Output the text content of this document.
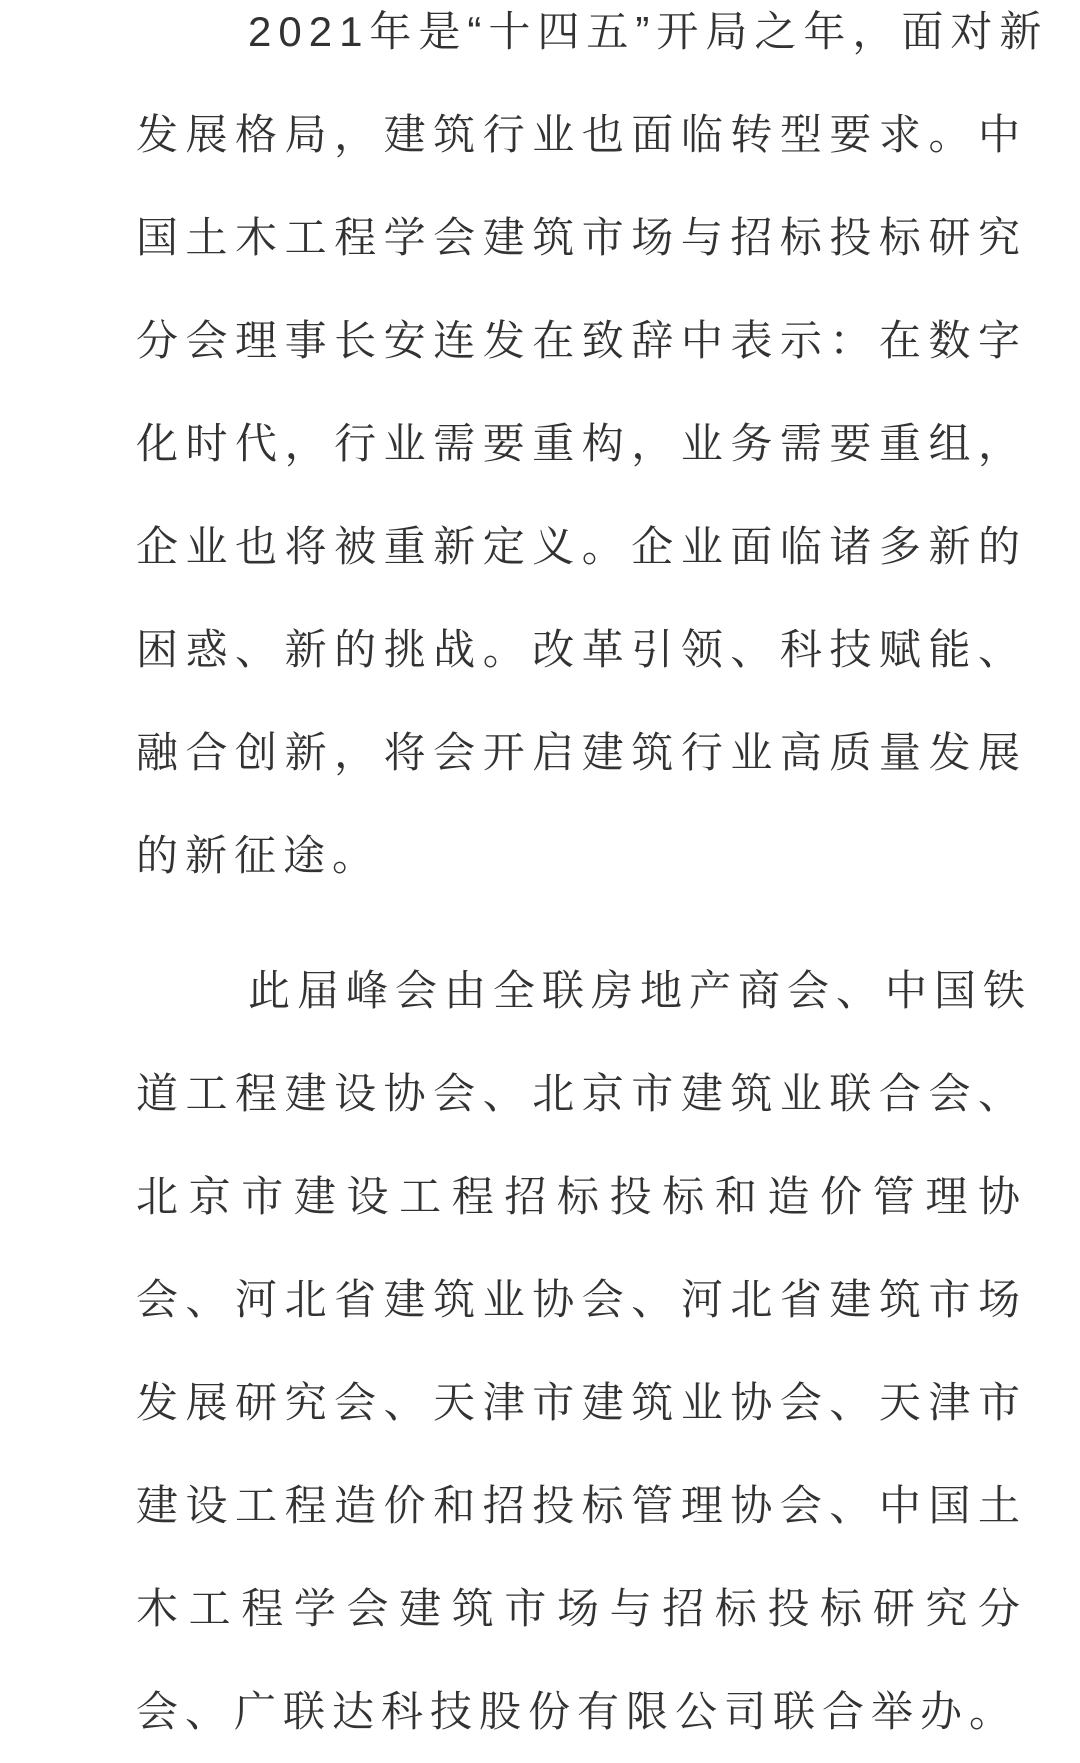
2021年是“十四五”开局之年，面对新
发展格局，建筑行业也面临转型要求。中
国土木工程学会建筑市场与招标投标研究
分会理事长安连发在致辞中表示：在数字
化时代，行业需要重构，业务需要重组，
企业也将被重新定义。企业面临诸多新的
困惑、新的挑战。改革引领、科技赋能、
融合创新，将会开启建筑行业高质量发展
的新征途。

此届峰会由全联房地产商会、中国铁
道工程建设协会、北京市建筑业联合会、
北京市建设工程招标投标和造价管理协
会、河北省建筑业协会、河北省建筑市场
发展研究会、天津市建筑业协会、天津市
建设工程造价和招投标管理协会、中国土
木工程学会建筑市场与招标投标研究分
会、广联达科技股份有限公司联合举办。
